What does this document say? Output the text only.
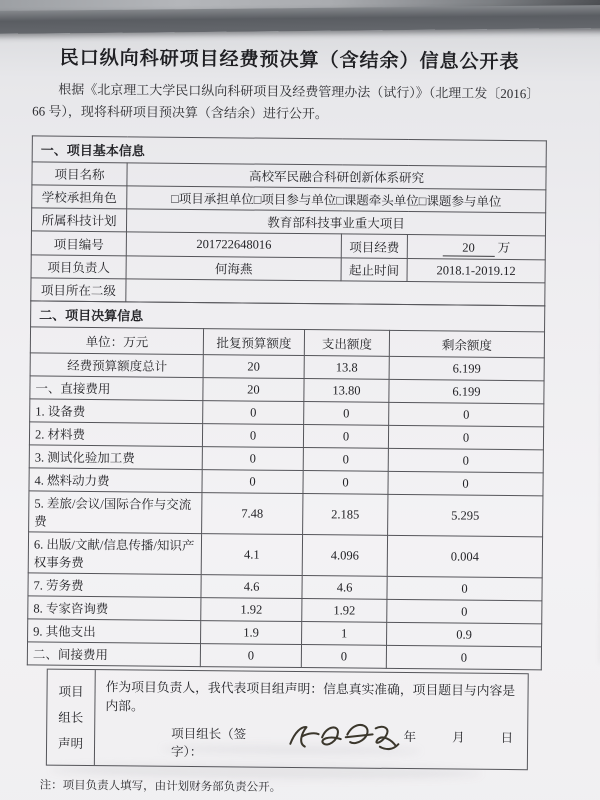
民口纵向科研项目经费预决算（含结余）信息公开表

根据《北京理工大学民口纵向科研项目及经费管理办法（试行）》（北理工发〔2016〕66 号），现将科研项目预决算（含结余）进行公开。

一、项目基本信息			
项目名称	高校军民融合科研创新体系研究		
学校承担角色	□项目承担单位□项目参与单位□课题牵头单位□课题参与单位		
所属科技计划	教育部科技事业重大项目		
项目编号	201722648016	项目经费	20 万
项目负责人	何海燕	起止时间	2018.1-2019.12
项目所在二级			
二、项目决算信息			
单位：万元	批复预算额度	支出额度	剩余额度
经费预算额度总计	20	13.8	6.199
一、直接费用	20	13.80	6.199
1. 设备费	0	0	0
2. 材料费	0	0	0
3. 测试化验加工费	0	0	0
4. 燃料动力费	0	0	0
5. 差旅/会议/国际合作与交流费	7.48	2.185	5.295
6. 出版/文献/信息传播/知识产权事务费	4.1	4.096	0.004
7. 劳务费	4.6	4.6	0
8. 专家咨询费	1.92	1.92	0
9. 其他支出	1.9	1	0.9
二、间接费用	0	0	0
项目
组长
声明
作为项目负责人，我代表项目组声明：信息真实准确，项目题目与内容是内部。
项目组长（签字）：
年	月	日
注：项目负责人填写，由计划财务部负责公开。
